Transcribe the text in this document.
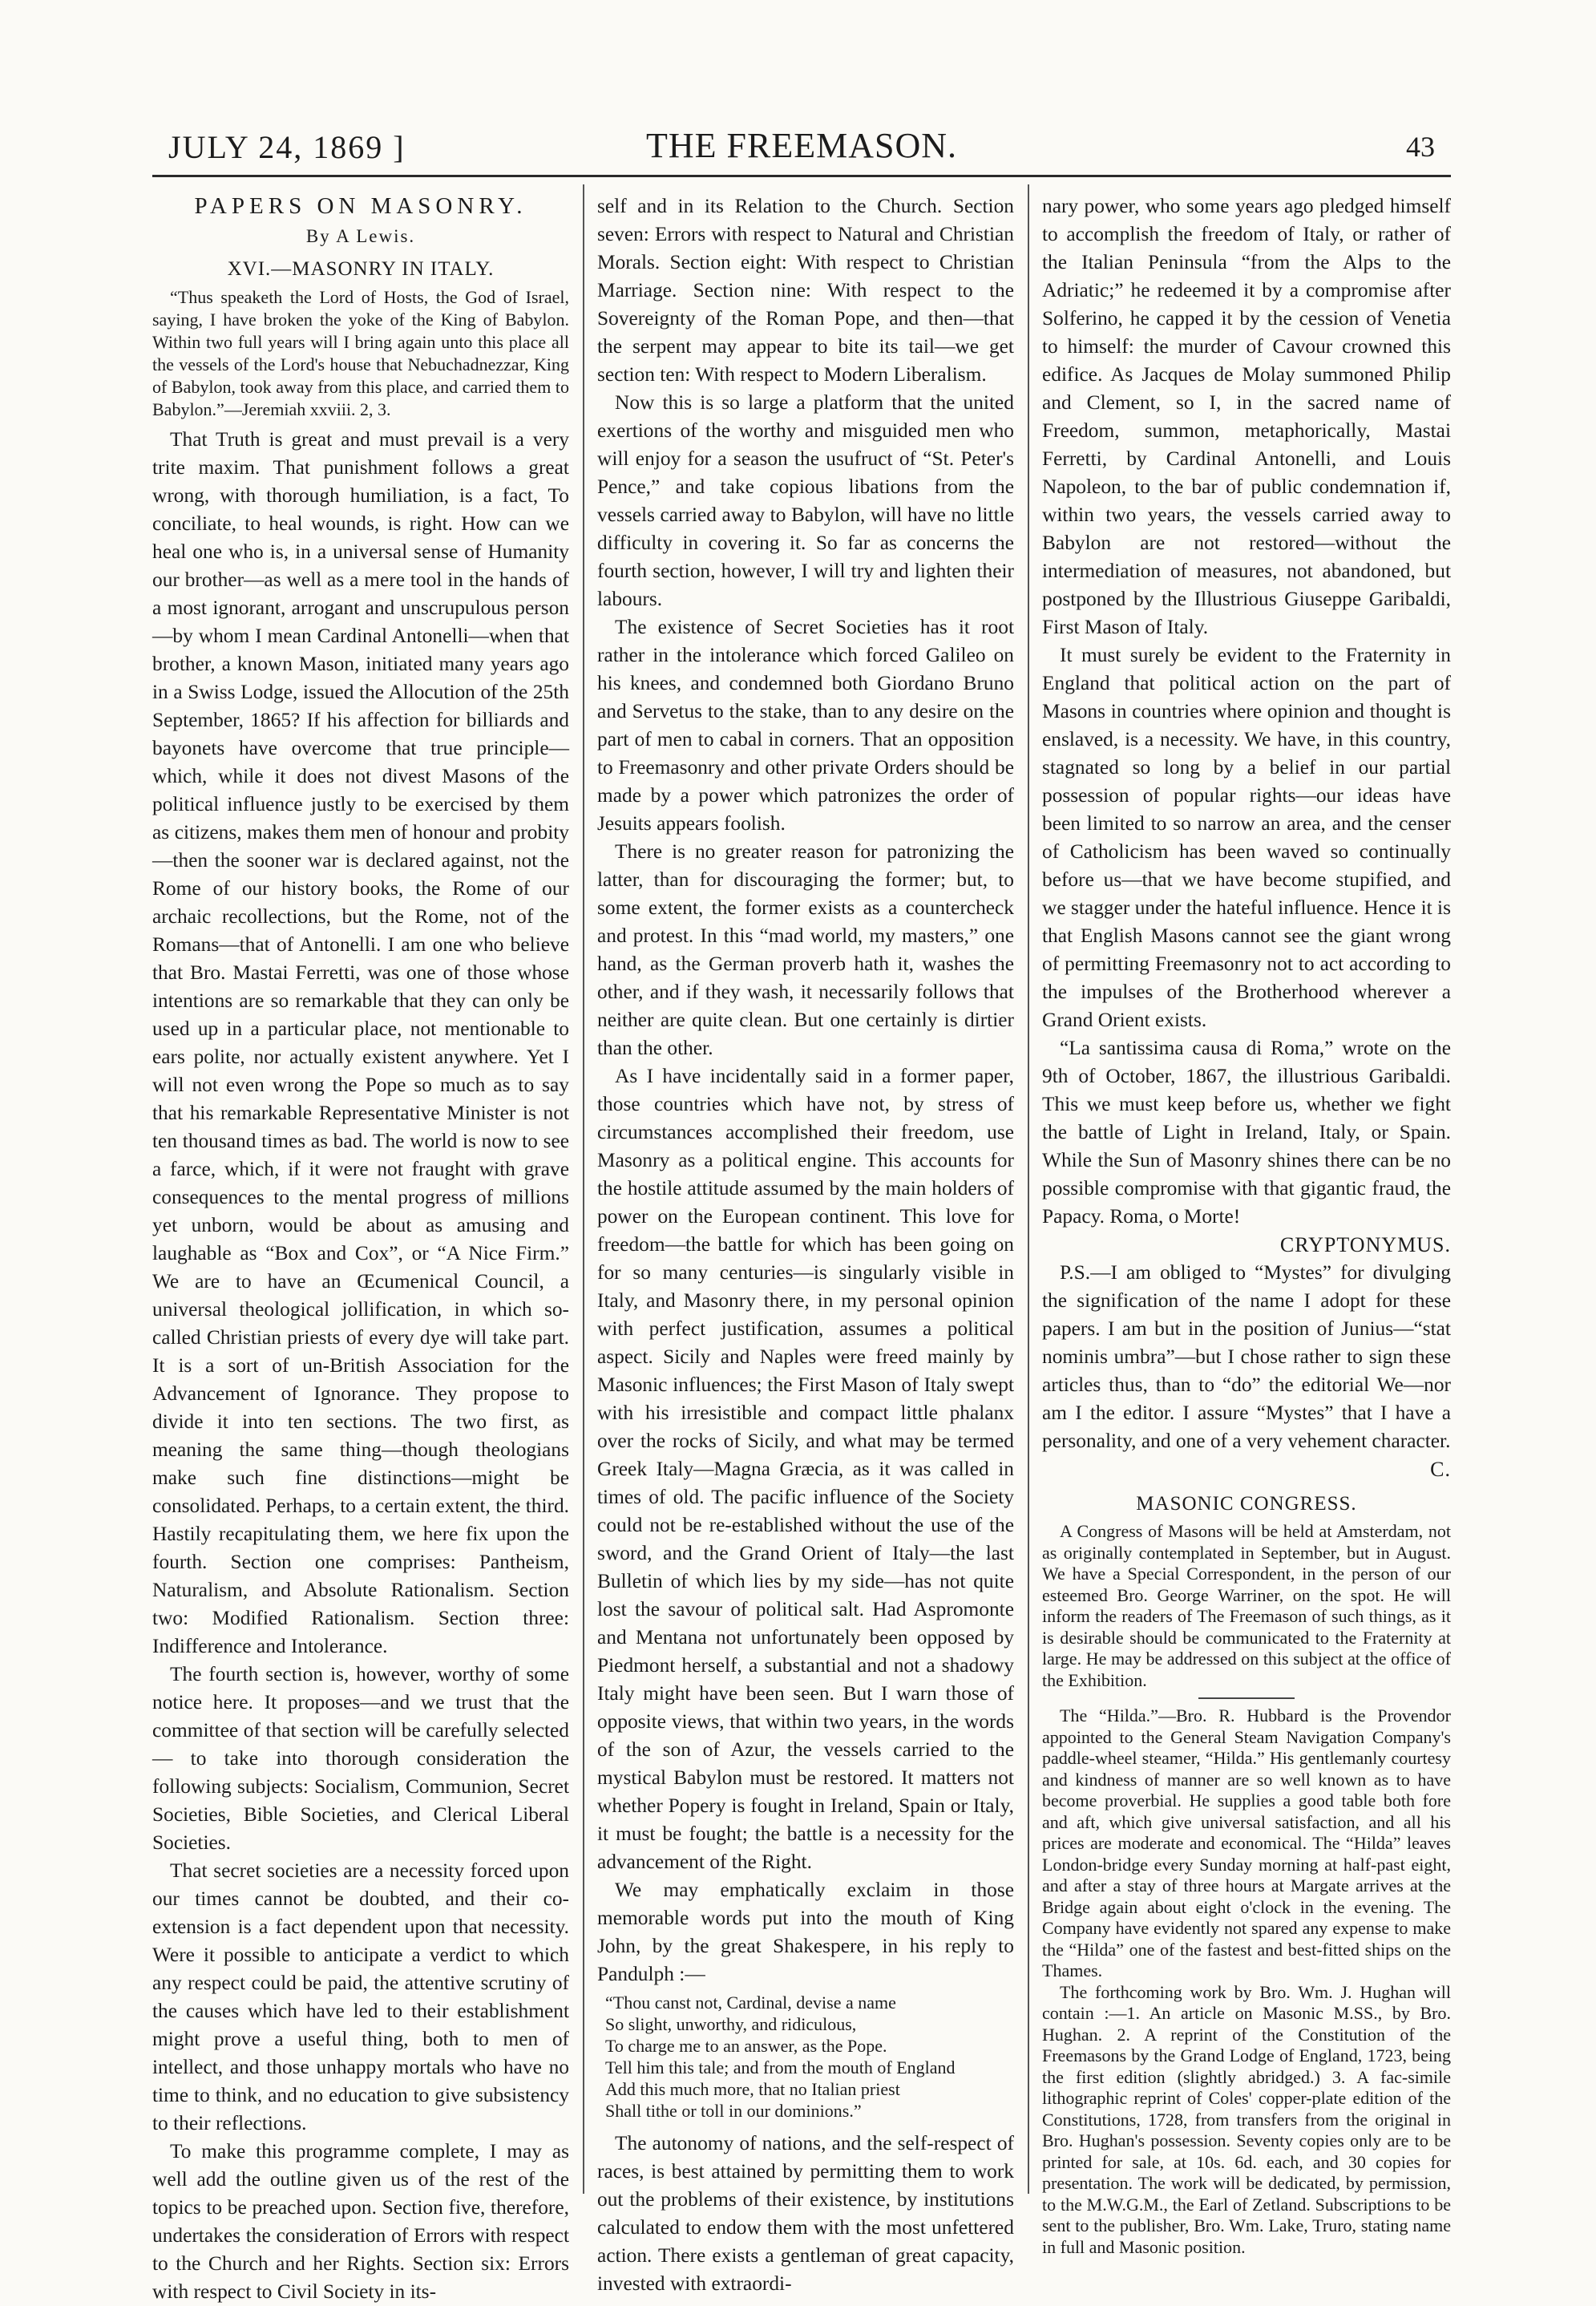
JULY 24, 1869 ]	THE FREEMASON.	43
PAPERS ON MASONRY.
By A Lewis.
XVI.—MASONRY IN ITALY.

“Thus speaketh the Lord of Hosts, the God of Israel, saying, I have broken the yoke of the King of Babylon. Within two full years will I bring again unto this place all the vessels of the Lord's house that Nebuchadnezzar, King of Babylon, took away from this place, and carried them to Babylon.”—Jeremiah xxviii. 2, 3.

That Truth is great and must prevail is a very trite maxim. That punishment follows a great wrong, with thorough humiliation, is a fact, To conciliate, to heal wounds, is right. How can we heal one who is, in a universal sense of Humanity our brother—as well as a mere tool in the hands of a most ignorant, arrogant and unscrupulous person—by whom I mean Cardinal Antonelli—when that brother, a known Mason, initiated many years ago in a Swiss Lodge, issued the Allocution of the 25th September, 1865? If his affection for billiards and bayonets have overcome that true principle—which, while it does not divest Masons of the political influence justly to be exercised by them as citizens, makes them men of honour and probity—then the sooner war is declared against, not the Rome of our history books, the Rome of our archaic recollections, but the Rome, not of the Romans—that of Antonelli. I am one who believe that Bro. Mastai Ferretti, was one of those whose intentions are so remarkable that they can only be used up in a particular place, not mentionable to ears polite, nor actually existent anywhere. Yet I will not even wrong the Pope so much as to say that his remarkable Representative Minister is not ten thousand times as bad. The world is now to see a farce, which, if it were not fraught with grave consequences to the mental progress of millions yet unborn, would be about as amusing and laughable as “Box and Cox”, or “A Nice Firm.” We are to have an Œcumenical Council, a universal theological jollification, in which so-called Christian priests of every dye will take part. It is a sort of un-British Association for the Advancement of Ignorance. They propose to divide it into ten sections. The two first, as meaning the same thing—though theologians make such fine distinctions—might be consolidated. Perhaps, to a certain extent, the third. Hastily recapitulating them, we here fix upon the fourth. Section one comprises: Pantheism, Naturalism, and Absolute Rationalism. Section two: Modified Rationalism. Section three: Indifference and Intolerance.

The fourth section is, however, worthy of some notice here. It proposes—and we trust that the committee of that section will be carefully selected— to take into thorough consideration the following subjects: Socialism, Communion, Secret Societies, Bible Societies, and Clerical Liberal Societies.

That secret societies are a necessity forced upon our times cannot be doubted, and their co-extension is a fact dependent upon that necessity. Were it possible to anticipate a verdict to which any respect could be paid, the attentive scrutiny of the causes which have led to their establishment might prove a useful thing, both to men of intellect, and those unhappy mortals who have no time to think, and no education to give subsistency to their reflections.

To make this programme complete, I may as well add the outline given us of the rest of the topics to be preached upon. Section five, therefore, undertakes the consideration of Errors with respect to the Church and her Rights. Section six: Errors with respect to Civil Society in its-

self and in its Relation to the Church. Section seven: Errors with respect to Natural and Christian Morals. Section eight: With respect to Christian Marriage. Section nine: With respect to the Sovereignty of the Roman Pope, and then—that the serpent may appear to bite its tail—we get section ten: With respect to Modern Liberalism.

Now this is so large a platform that the united exertions of the worthy and misguided men who will enjoy for a season the usufruct of “St. Peter's Pence,” and take copious libations from the vessels carried away to Babylon, will have no little difficulty in covering it. So far as concerns the fourth section, however, I will try and lighten their labours.

The existence of Secret Societies has it root rather in the intolerance which forced Galileo on his knees, and condemned both Giordano Bruno and Servetus to the stake, than to any desire on the part of men to cabal in corners. That an opposition to Freemasonry and other private Orders should be made by a power which patronizes the order of Jesuits appears foolish.

There is no greater reason for patronizing the latter, than for discouraging the former; but, to some extent, the former exists as a countercheck and protest. In this “mad world, my masters,” one hand, as the German proverb hath it, washes the other, and if they wash, it necessarily follows that neither are quite clean. But one certainly is dirtier than the other.

As I have incidentally said in a former paper, those countries which have not, by stress of circumstances accomplished their freedom, use Masonry as a political engine. This accounts for the hostile attitude assumed by the main holders of power on the European continent. This love for freedom—the battle for which has been going on for so many centuries—is singularly visible in Italy, and Masonry there, in my personal opinion with perfect justification, assumes a political aspect. Sicily and Naples were freed mainly by Masonic influences; the First Mason of Italy swept with his irresistible and compact little phalanx over the rocks of Sicily, and what may be termed Greek Italy—Magna Græcia, as it was called in times of old. The pacific influence of the Society could not be re-established without the use of the sword, and the Grand Orient of Italy—the last Bulletin of which lies by my side—has not quite lost the savour of political salt. Had Aspromonte and Mentana not unfortunately been opposed by Piedmont herself, a substantial and not a shadowy Italy might have been seen. But I warn those of opposite views, that within two years, in the words of the son of Azur, the vessels carried to the mystical Babylon must be restored. It matters not whether Popery is fought in Ireland, Spain or Italy, it must be fought; the battle is a necessity for the advancement of the Right.

We may emphatically exclaim in those memorable words put into the mouth of King John, by the great Shakespere, in his reply to Pandulph :—

“Thou canst not, Cardinal, devise a name
So slight, unworthy, and ridiculous,
To charge me to an answer, as the Pope.
Tell him this tale; and from the mouth of England
Add this much more, that no Italian priest
Shall tithe or toll in our dominions.”

The autonomy of nations, and the self-respect of races, is best attained by permitting them to work out the problems of their existence, by institutions calculated to endow them with the most unfettered action. There exists a gentleman of great capacity, invested with extraordi-

nary power, who some years ago pledged himself to accomplish the freedom of Italy, or rather of the Italian Peninsula “from the Alps to the Adriatic;” he redeemed it by a compromise after Solferino, he capped it by the cession of Venetia to himself: the murder of Cavour crowned this edifice. As Jacques de Molay summoned Philip and Clement, so I, in the sacred name of Freedom, summon, metaphorically, Mastai Ferretti, by Cardinal Antonelli, and Louis Napoleon, to the bar of public condemnation if, within two years, the vessels carried away to Babylon are not restored—without the intermediation of measures, not abandoned, but postponed by the Illustrious Giuseppe Garibaldi, First Mason of Italy.

It must surely be evident to the Fraternity in England that political action on the part of Masons in countries where opinion and thought is enslaved, is a necessity. We have, in this country, stagnated so long by a belief in our partial possession of popular rights—our ideas have been limited to so narrow an area, and the censer of Catholicism has been waved so continually before us—that we have become stupified, and we stagger under the hateful influence. Hence it is that English Masons cannot see the giant wrong of permitting Freemasonry not to act according to the impulses of the Brotherhood wherever a Grand Orient exists.

“La santissima causa di Roma,” wrote on the 9th of October, 1867, the illustrious Garibaldi. This we must keep before us, whether we fight the battle of Light in Ireland, Italy, or Spain. While the Sun of Masonry shines there can be no possible compromise with that gigantic fraud, the Papacy. Roma, o Morte!

CRYPTONYMUS.

P.S.—I am obliged to “Mystes” for divulging the signification of the name I adopt for these papers. I am but in the position of Junius—“stat nominis umbra”—but I chose rather to sign these articles thus, than to “do” the editorial We—nor am I the editor. I assure “Mystes” that I have a personality, and one of a very vehement character.

C.
MASONIC CONGRESS.

A Congress of Masons will be held at Amsterdam, not as originally contemplated in September, but in August. We have a Special Correspondent, in the person of our esteemed Bro. George Warriner, on the spot. He will inform the readers of The Freemason of such things, as it is desirable should be communicated to the Fraternity at large. He may be addressed on this subject at the office of the Exhibition.

The “Hilda.”—Bro. R. Hubbard is the Provendor appointed to the General Steam Navigation Company's paddle-wheel steamer, “Hilda.” His gentlemanly courtesy and kindness of manner are so well known as to have become proverbial. He supplies a good table both fore and aft, which give universal satisfaction, and all his prices are moderate and economical. The “Hilda” leaves London-bridge every Sunday morning at half-past eight, and after a stay of three hours at Margate arrives at the Bridge again about eight o'clock in the evening. The Company have evidently not spared any expense to make the “Hilda” one of the fastest and best-fitted ships on the Thames.

The forthcoming work by Bro. Wm. J. Hughan will contain :—1. An article on Masonic M.SS., by Bro. Hughan. 2. A reprint of the Constitution of the Freemasons by the Grand Lodge of England, 1723, being the first edition (slightly abridged.) 3. A fac-simile lithographic reprint of Coles' copper-plate edition of the Constitutions, 1728, from transfers from the original in Bro. Hughan's possession. Seventy copies only are to be printed for sale, at 10s. 6d. each, and 30 copies for presentation. The work will be dedicated, by permission, to the M.W.G.M., the Earl of Zetland. Subscriptions to be sent to the publisher, Bro. Wm. Lake, Truro, stating name in full and Masonic position.
